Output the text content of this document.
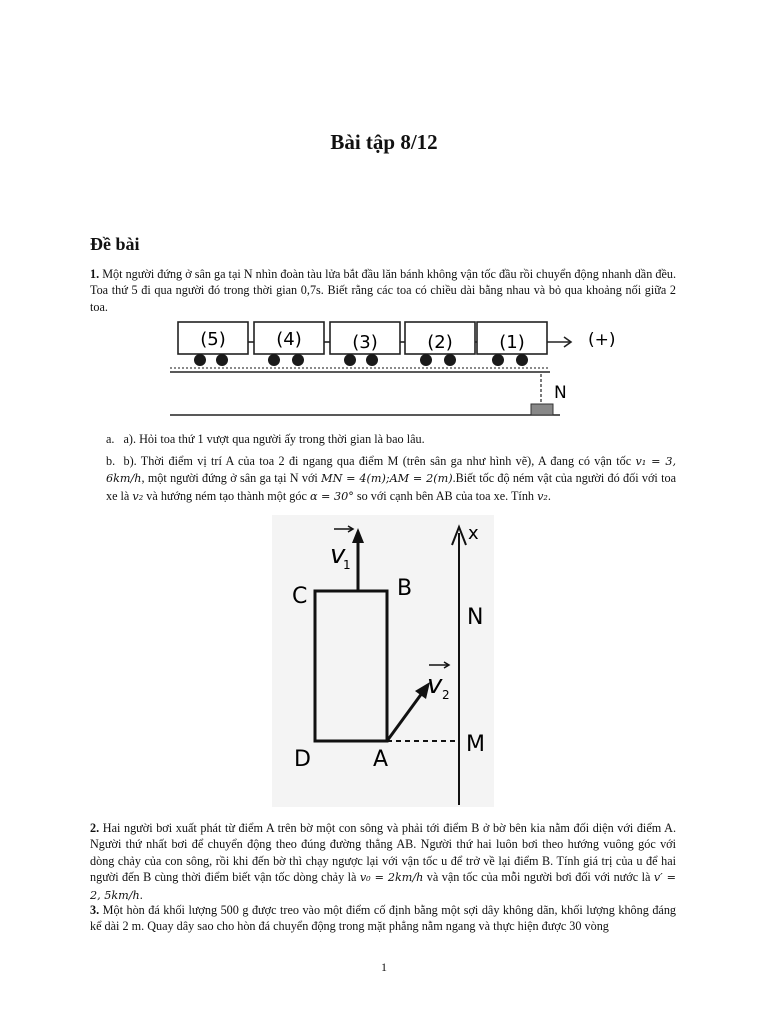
Bài tập 8/12
Đề bài
1. Một người đứng ở sân ga tại N nhìn đoàn tàu lửa bắt đầu lăn bánh không vận tốc đầu rồi chuyển động nhanh dần đều. Toa thứ 5 đi qua người đó trong thời gian 0,7s. Biết rằng các toa có chiều dài bằng nhau và bỏ qua khoảng nối giữa 2 toa.
(5)	(4)	(3)	(2)	(1)	(+)
N
a. a). Hỏi toa thứ 1 vượt qua người ấy trong thời gian là bao lâu.
b. b). Thời điểm vị trí A của toa 2 đi ngang qua điểm M (trên sân ga như hình vẽ), A đang có vận tốc v₁ = 3, 6km/h, một người đứng ở sân ga tại N với MN = 4(m);AM = 2(m).Biết tốc độ ném vật của người đó đối với toa xe là v₂ và hướng ném tạo thành một góc α = 30° so với cạnh bên AB của toa xe. Tính v₂.
v
1
v 2
C	B
D	A
N
M
x
2. Hai người bơi xuất phát từ điểm A trên bờ một con sông và phải tới điểm B ở bờ bên kia nằm đối diện với điểm A. Người thứ nhất bơi để chuyển động theo đúng đường thẳng AB. Người thứ hai luôn bơi theo hướng vuông góc với dòng chảy của con sông, rồi khi đến bờ thì chạy ngược lại với vận tốc u để trở về lại điểm B. Tính giá trị của u để hai người đến B cùng thời điểm biết vận tốc dòng chảy là v₀ = 2km/h và vận tốc của mỗi người bơi đối với nước là v′ = 2, 5km/h.
3. Một hòn đá khối lượng 500 g được treo vào một điểm cố định bằng một sợi dây không dãn, khối lượng không đáng kể dài 2 m. Quay dây sao cho hòn đá chuyển động trong mặt phẳng nằm ngang và thực hiện được 30 vòng
1
